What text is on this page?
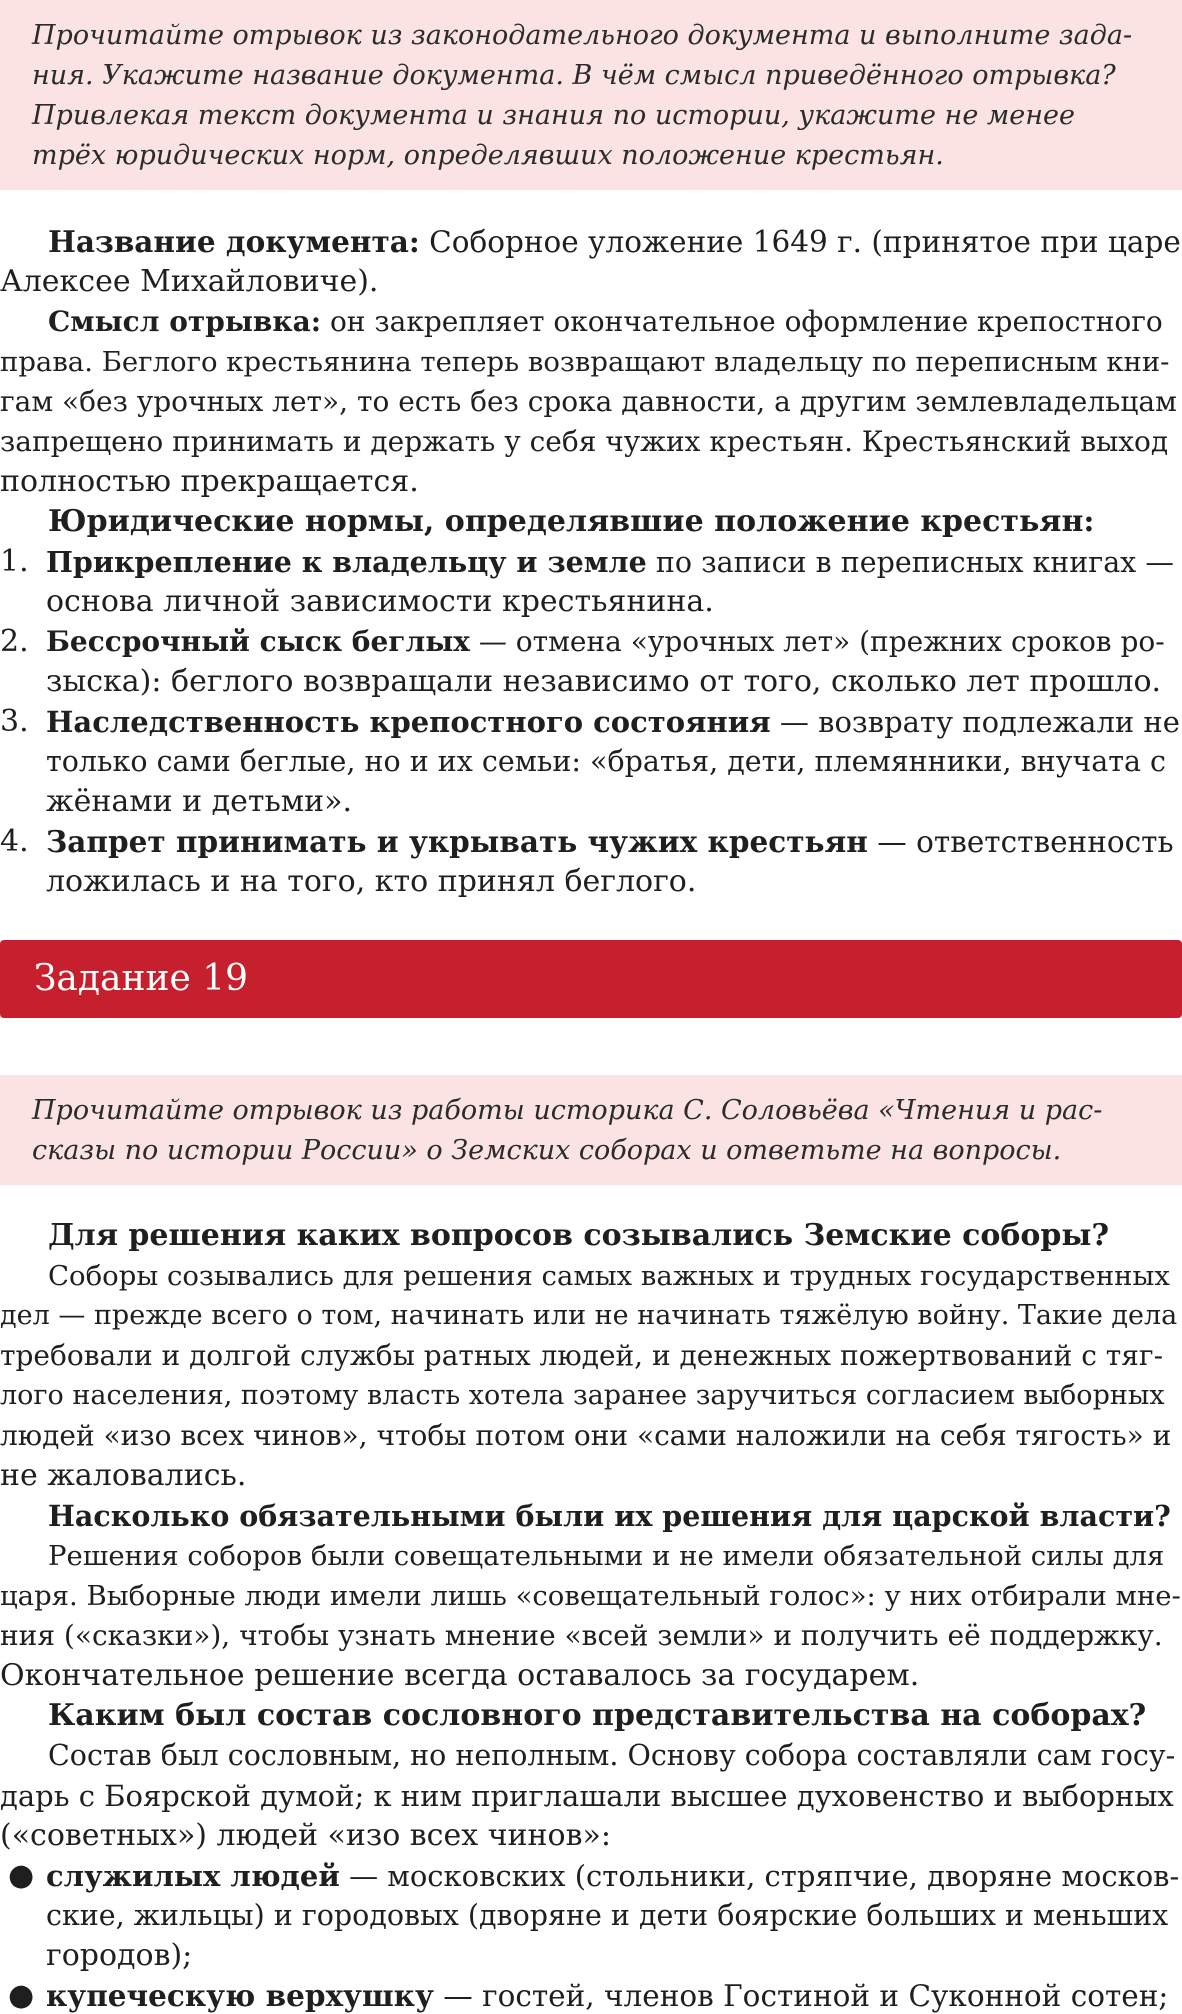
Прочитайте отрывок из законодательного документа и выполните зада-
ния. Укажите название документа. В чём смысл приведённого отрывка?
Привлекая текст документа и знания по истории, укажите не менее
трёх юридических норм, определявших положение крестьян.
Название документа: Соборное уложение 1649 г. (принятое при царе
Алексее Михайловиче).
Смысл отрывка: он закрепляет окончательное оформление крепостного
права. Беглого крестьянина теперь возвращают владельцу по переписным кни-
гам «без урочных лет», то есть без срока давности, а другим землевладельцам
запрещено принимать и держать у себя чужих крестьян. Крестьянский выход
полностью прекращается.
Юридические нормы, определявшие положение крестьян:
1. Прикрепление к владельцу и земле по записи в переписных книгах —
основа личной зависимости крестьянина.
2. Бессрочный сыск беглых — отмена «урочных лет» (прежних сроков ро-
зыска): беглого возвращали независимо от того, сколько лет прошло.
3. Наследственность крепостного состояния — возврату подлежали не
только сами беглые, но и их семьи: «братья, дети, племянники, внучата с
жёнами и детьми».
4. Запрет принимать и укрывать чужих крестьян — ответственность
ложилась и на того, кто принял беглого.
Задание 19
Прочитайте отрывок из работы историка С. Соловьёва «Чтения и рас-
сказы по истории России» о Земских соборах и ответьте на вопросы.
Для решения каких вопросов созывались Земские соборы?
Соборы созывались для решения самых важных и трудных государственных
дел — прежде всего о том, начинать или не начинать тяжёлую войну. Такие дела
требовали и долгой службы ратных людей, и денежных пожертвований с тяг-
лого населения, поэтому власть хотела заранее заручиться согласием выборных
людей «изо всех чинов», чтобы потом они «сами наложили на себя тягость» и
не жаловались.
Насколько обязательными были их решения для царской власти?
Решения соборов были совещательными и не имели обязательной силы для
царя. Выборные люди имели лишь «совещательный голос»: у них отбирали мне-
ния («сказки»), чтобы узнать мнение «всей земли» и получить её поддержку.
Окончательное решение всегда оставалось за государем.
Каким был состав сословного представительства на соборах?
Состав был сословным, но неполным. Основу собора составляли сам госу-
дарь с Боярской думой; к ним приглашали высшее духовенство и выборных
(«советных») людей «изо всех чинов»:
● служилых людей — московских (стольники, стряпчие, дворяне москов-
ские, жильцы) и городовых (дворяне и дети боярские больших и меньших
городов);
● купеческую верхушку — гостей, членов Гостиной и Суконной сотен;
